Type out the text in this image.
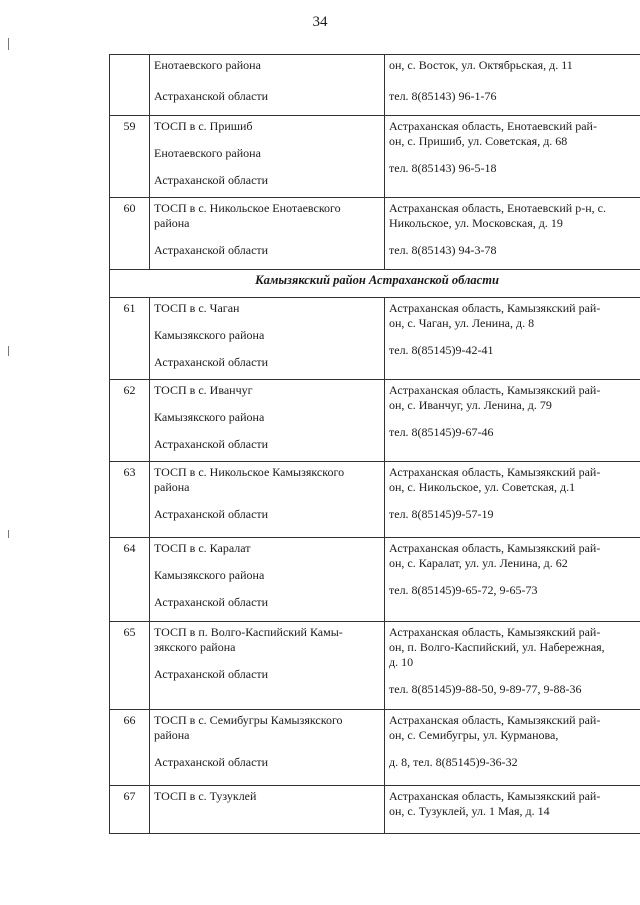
34

	Енотаевского района
Астраханской области	он, с. Восток, ул. Октябрьская, д. 11
тел. 8(85143) 96-1-76

59	ТОСП в с. Пришиб
Енотаевского района
Астраханской области	Астраханская область, Енотаевский рай-
он, с. Пришиб, ул. Советская, д. 68
тел. 8(85143) 96-5-18

60	ТОСП в с. Никольское Енотаевского
района
Астраханской области	Астраханская область, Енотаевский р-н, с.
Никольское, ул. Московская, д. 19
тел. 8(85143) 94-3-78

Камызякский район Астраханской области		
61	ТОСП в с. Чаган
Камызякского района
Астраханской области	Астраханская область, Камызякский рай-
он, с. Чаган, ул. Ленина, д. 8
тел. 8(85145)9-42-41

62	ТОСП в с. Иванчуг
Камызякского района
Астраханской области	Астраханская область, Камызякский рай-
он, с. Иванчуг, ул. Ленина, д. 79
тел. 8(85145)9-67-46

63	ТОСП в с. Никольское Камызякского
района
Астраханской области	Астраханская область, Камызякский рай-
он, с. Никольское, ул. Советская, д.1
тел. 8(85145)9-57-19

64	ТОСП в с. Каралат
Камызякского района
Астраханской области	Астраханская область, Камызякский рай-
он, с. Каралат, ул. ул. Ленина, д. 62
тел. 8(85145)9-65-72, 9-65-73

65	ТОСП в п. Волго-Каспийский Камы-
зякского района
Астраханской области	Астраханская область, Камызякский рай-
он, п. Волго-Каспийский, ул. Набережная,
д. 10
тел. 8(85145)9-88-50, 9-89-77, 9-88-36

66	ТОСП в с. Семибугры Камызякского
района
Астраханской области	Астраханская область, Камызякский рай-
он, с. Семибугры, ул. Курманова,
д. 8, тел. 8(85145)9-36-32

67	ТОСП в с. Тузуклей	Астраханская область, Камызякский рай-
он, с. Тузуклей, ул. 1 Мая, д. 14
